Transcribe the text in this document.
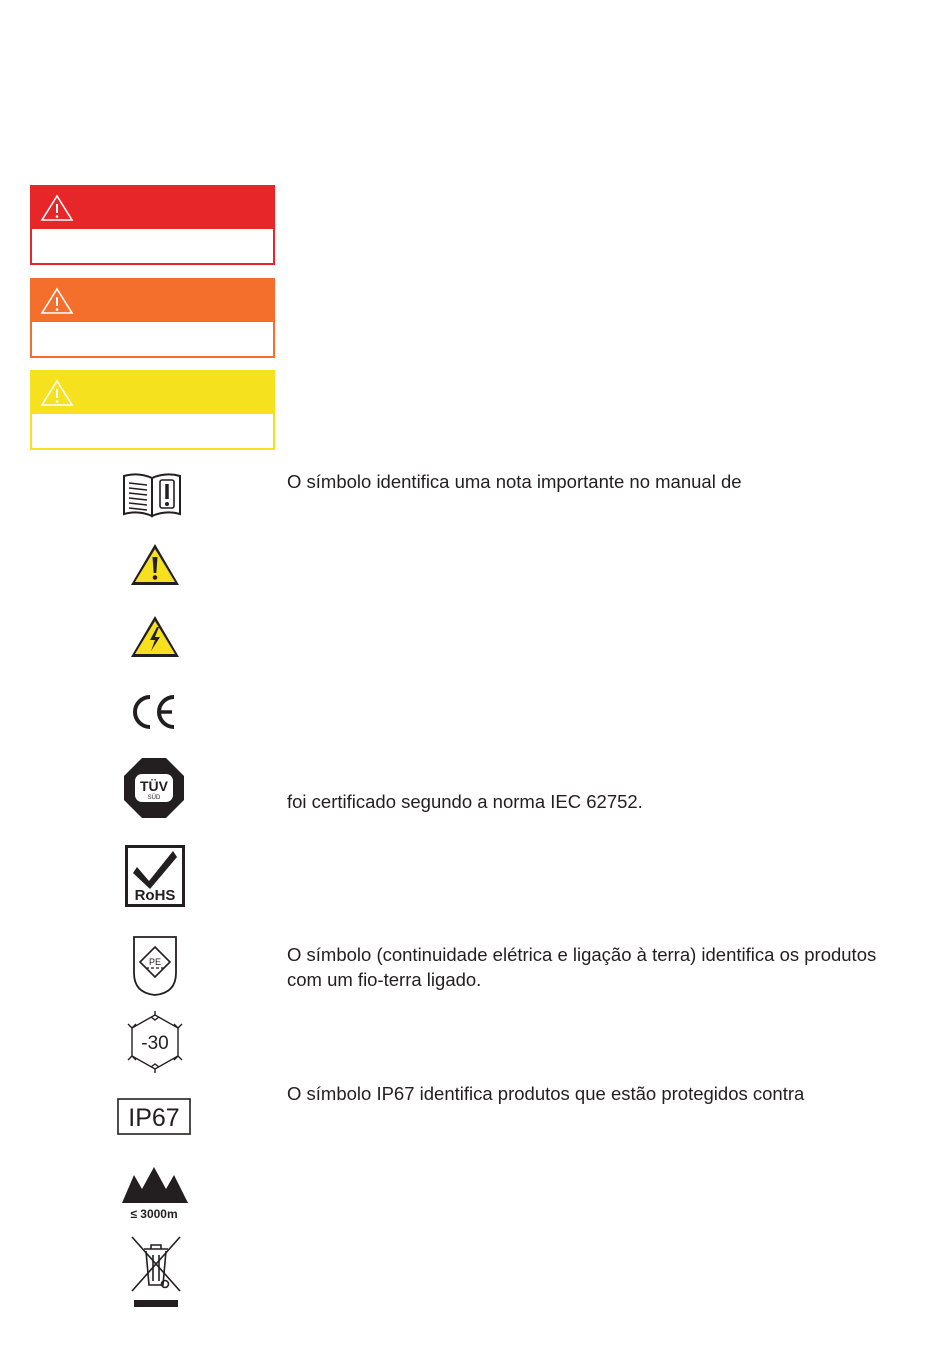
O símbolo identifica uma nota importante no manual de
TÜV
SÜD	foi certificado segundo a norma IEC 62752.
RoHS
PE	O símbolo (continuidade elétrica e ligação à terra) identifica os produtos com um fio-terra ligado.
-30
IP67
O símbolo IP67 identifica produtos que estão protegidos contra
≤ 3000m
